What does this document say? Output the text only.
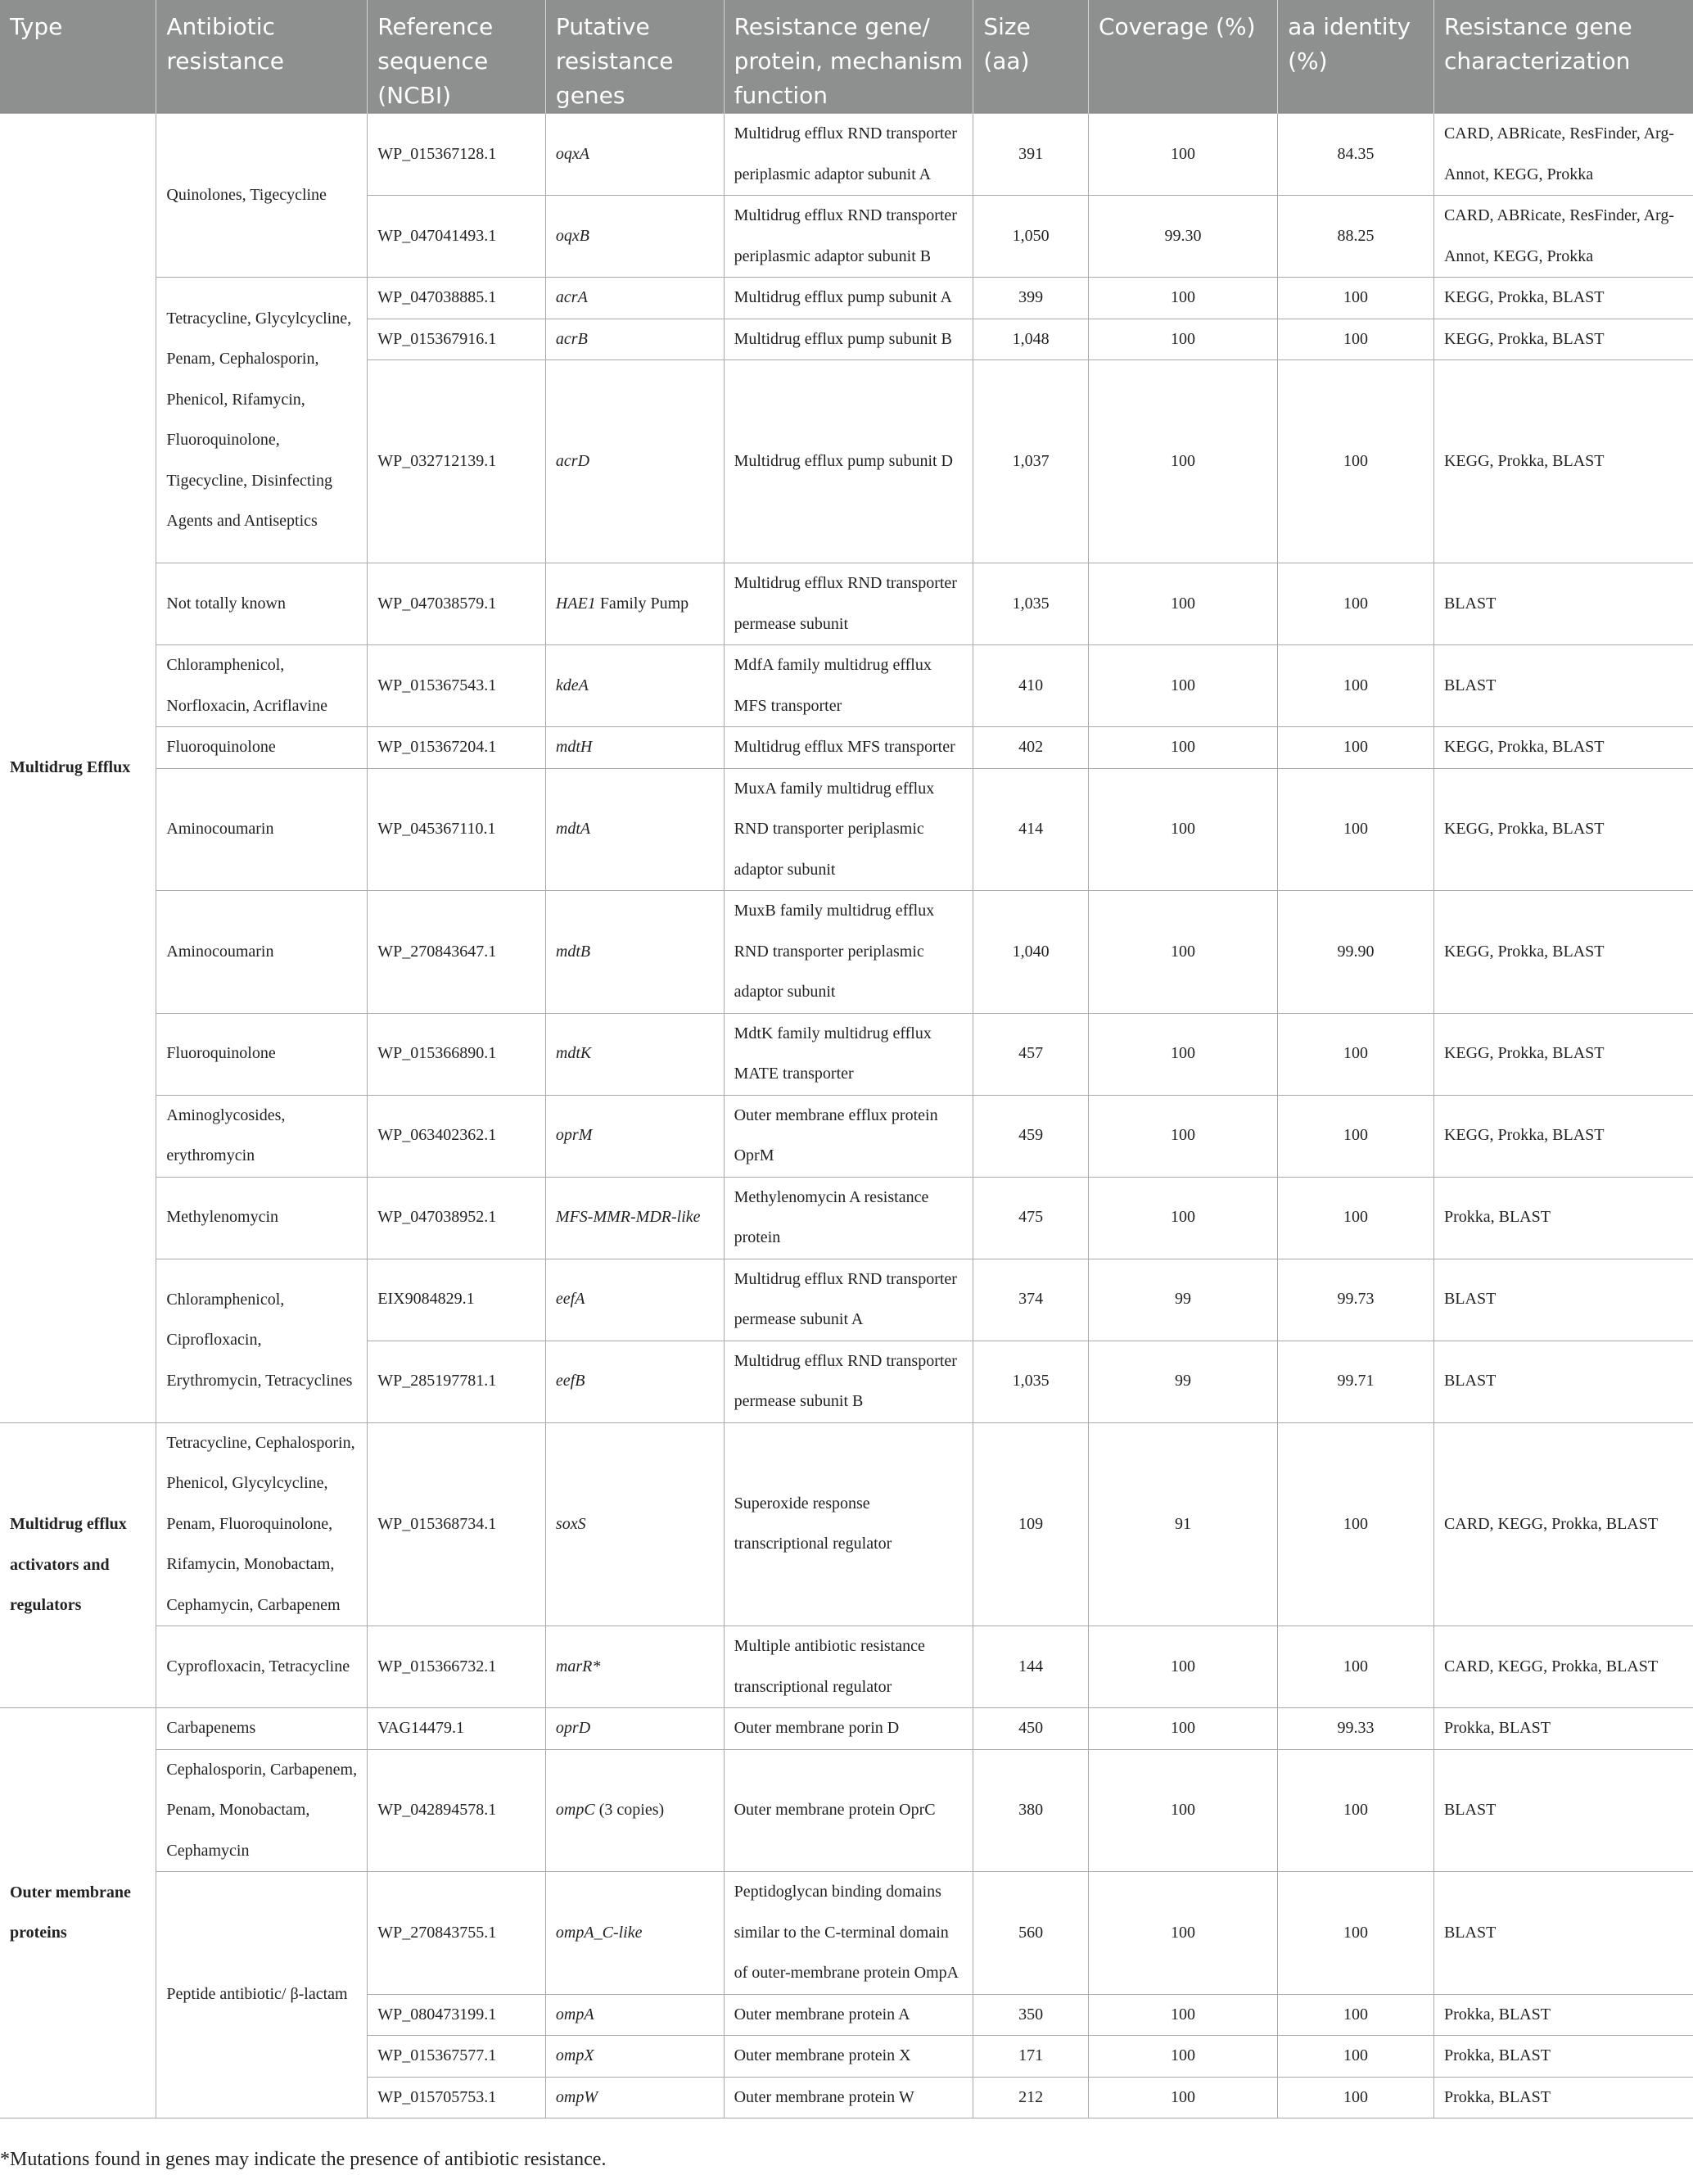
Type	Antibiotic resistance	Reference sequence (NCBI)	Putative resistance genes	Resistance gene/ protein, mechanism function	Size (aa)	Coverage (%)	aa identity (%)	Resistance gene characterization
Multidrug Efflux	Quinolones, Tigecycline	WP_015367128.1	oqxA	Multidrug efflux RND transporter periplasmic adaptor subunit A	391	100	84.35	CARD, ABRicate, ResFinder, Arg-Annot, KEGG, Prokka
		WP_047041493.1	oqxB	Multidrug efflux RND transporter periplasmic adaptor subunit B	1,050	99.30	88.25	CARD, ABRicate, ResFinder, Arg-Annot, KEGG, Prokka
	Tetracycline, Glycylcycline, Penam, Cephalosporin, Phenicol, Rifamycin, Fluoroquinolone, Tigecycline, Disinfecting Agents and Antiseptics	WP_047038885.1	acrA	Multidrug efflux pump subunit A	399	100	100	KEGG, Prokka, BLAST
		WP_015367916.1	acrB	Multidrug efflux pump subunit B	1,048	100	100	KEGG, Prokka, BLAST
		WP_032712139.1	acrD	Multidrug efflux pump subunit D	1,037	100	100	KEGG, Prokka, BLAST
	Not totally known	WP_047038579.1	HAE1 Family Pump	Multidrug efflux RND transporter permease subunit	1,035	100	100	BLAST
	Chloramphenicol, Norfloxacin, Acriflavine	WP_015367543.1	kdeA	MdfA family multidrug efflux MFS transporter	410	100	100	BLAST
	Fluoroquinolone	WP_015367204.1	mdtH	Multidrug efflux MFS transporter	402	100	100	KEGG, Prokka, BLAST
	Aminocoumarin	WP_045367110.1	mdtA	MuxA family multidrug efflux RND transporter periplasmic adaptor subunit	414	100	100	KEGG, Prokka, BLAST
	Aminocoumarin	WP_270843647.1	mdtB	MuxB family multidrug efflux RND transporter periplasmic adaptor subunit	1,040	100	99.90	KEGG, Prokka, BLAST
	Fluoroquinolone	WP_015366890.1	mdtK	MdtK family multidrug efflux MATE transporter	457	100	100	KEGG, Prokka, BLAST
	Aminoglycosides, erythromycin	WP_063402362.1	oprM	Outer membrane efflux protein OprM	459	100	100	KEGG, Prokka, BLAST
	Methylenomycin	WP_047038952.1	MFS-MMR-MDR-like	Methylenomycin A resistance protein	475	100	100	Prokka, BLAST
	Chloramphenicol, Ciprofloxacin, Erythromycin, Tetracyclines	EIX9084829.1	eefA	Multidrug efflux RND transporter permease subunit A	374	99	99.73	BLAST
		WP_285197781.1	eefB	Multidrug efflux RND transporter permease subunit B	1,035	99	99.71	BLAST
Multidrug efflux activators and regulators	Tetracycline, Cephalosporin, Phenicol, Glycylcycline, Penam, Fluoroquinolone, Rifamycin, Monobactam, Cephamycin, Carbapenem	WP_015368734.1	soxS	Superoxide response transcriptional regulator	109	91	100	CARD, KEGG, Prokka, BLAST
	Cyprofloxacin, Tetracycline	WP_015366732.1	marR*	Multiple antibiotic resistance transcriptional regulator	144	100	100	CARD, KEGG, Prokka, BLAST
Outer membrane proteins	Carbapenems	VAG14479.1	oprD	Outer membrane porin D	450	100	99.33	Prokka, BLAST
	Cephalosporin, Carbapenem, Penam, Monobactam, Cephamycin	WP_042894578.1	ompC (3 copies)	Outer membrane protein OprC	380	100	100	BLAST
	Peptide antibiotic/ β-lactam	WP_270843755.1	ompA_C-like	Peptidoglycan binding domains similar to the C-terminal domain of outer-membrane protein OmpA	560	100	100	BLAST
		WP_080473199.1	ompA	Outer membrane protein A	350	100	100	Prokka, BLAST
		WP_015367577.1	ompX	Outer membrane protein X	171	100	100	Prokka, BLAST
		WP_015705753.1	ompW	Outer membrane protein W	212	100	100	Prokka, BLAST
*Mutations found in genes may indicate the presence of antibiotic resistance.
